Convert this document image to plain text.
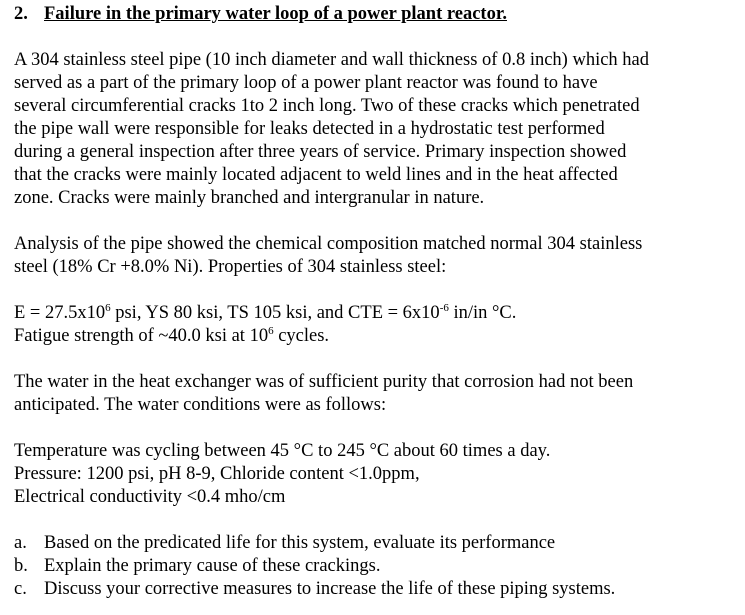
2. Failure in the primary water loop of a power plant reactor.
A 304 stainless steel pipe (10 inch diameter and wall thickness of 0.8 inch) which had
served as a part of the primary loop of a power plant reactor was found to have
several circumferential cracks 1to 2 inch long. Two of these cracks which penetrated
the pipe wall were responsible for leaks detected in a hydrostatic test performed
during a general inspection after three years of service. Primary inspection showed
that the cracks were mainly located adjacent to weld lines and in the heat affected
zone. Cracks were mainly branched and intergranular in nature.
Analysis of the pipe showed the chemical composition matched normal 304 stainless
steel (18% Cr +8.0% Ni). Properties of 304 stainless steel:
$E = 27.5x10^6$ psi, YS 80 ksi, TS 105 ksi, and CTE = $6x10^{-6}$ in/in °C.
Fatigue strength of ~40.0 ksi at $10^6$ cycles.
The water in the heat exchanger was of sufficient purity that corrosion had not been
anticipated. The water conditions were as follows:
Temperature was cycling between 45 °C to 245 °C about 60 times a day.
Pressure: 1200 psi, pH 8-9, Chloride content <1.0ppm,
Electrical conductivity <0.4 mho/cm
a. Based on the predicated life for this system, evaluate its performance
b. Explain the primary cause of these crackings.
c. Discuss your corrective measures to increase the life of these piping systems.
